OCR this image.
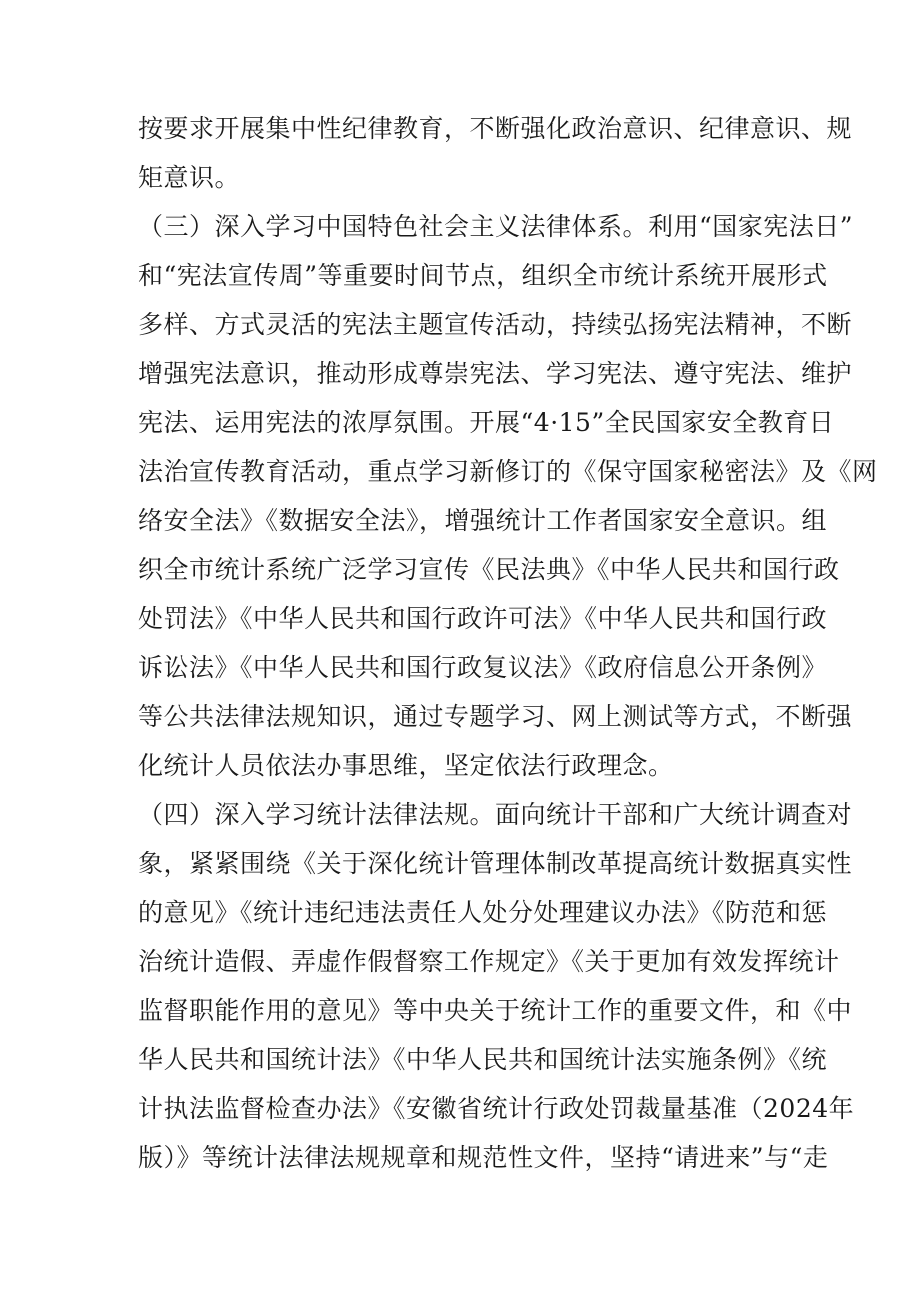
按要求开展集中性纪律教育，不断强化政治意识、纪律意识、规
矩意识。
（三）深入学习中国特色社会主义法律体系。利用“国家宪法日”
和“宪法宣传周”等重要时间节点，组织全市统计系统开展形式
多样、方式灵活的宪法主题宣传活动，持续弘扬宪法精神，不断
增强宪法意识，推动形成尊崇宪法、学习宪法、遵守宪法、维护
宪法、运用宪法的浓厚氛围。开展“4·15”全民国家安全教育日
法治宣传教育活动，重点学习新修订的《保守国家秘密法》及《网
络安全法》《数据安全法》，增强统计工作者国家安全意识。组
织全市统计系统广泛学习宣传《民法典》《中华人民共和国行政
处罚法》《中华人民共和国行政许可法》《中华人民共和国行政
诉讼法》《中华人民共和国行政复议法》《政府信息公开条例》
等公共法律法规知识，通过专题学习、网上测试等方式，不断强
化统计人员依法办事思维，坚定依法行政理念。
（四）深入学习统计法律法规。面向统计干部和广大统计调查对
象，紧紧围绕《关于深化统计管理体制改革提高统计数据真实性
的意见》《统计违纪违法责任人处分处理建议办法》《防范和惩
治统计造假、弄虚作假督察工作规定》《关于更加有效发挥统计
监督职能作用的意见》等中央关于统计工作的重要文件，和《中
华人民共和国统计法》《中华人民共和国统计法实施条例》《统
计执法监督检查办法》《安徽省统计行政处罚裁量基准（2024年
版）》等统计法律法规规章和规范性文件，坚持“请进来”与“走
